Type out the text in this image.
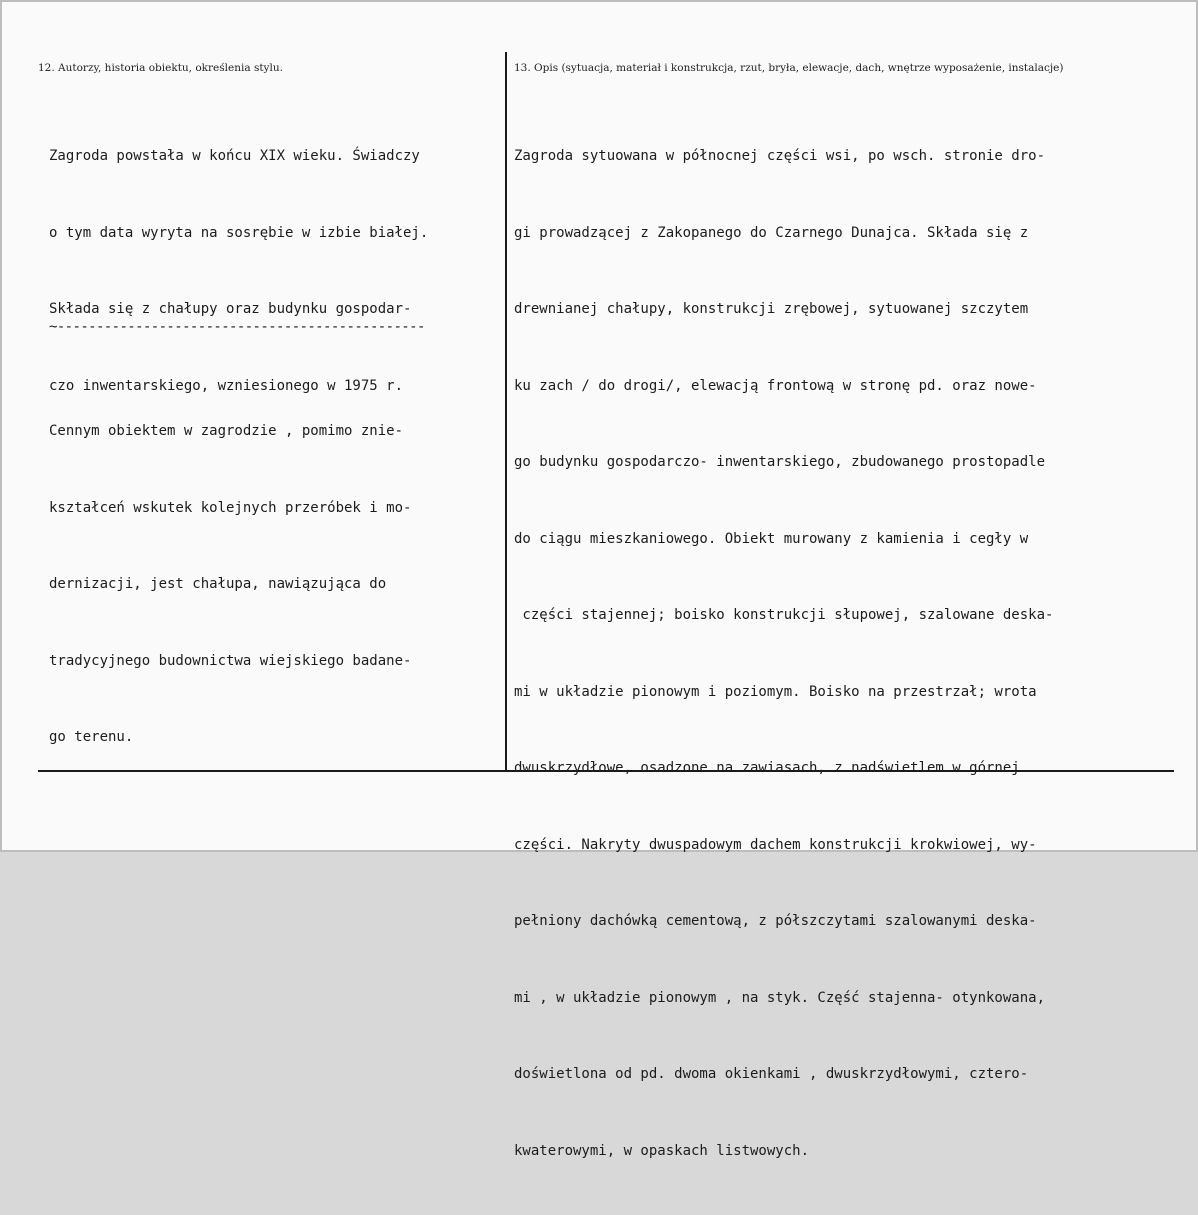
12. Autorzy, historia obiektu, określenia stylu.	13. Opis (sytuacja, materiał i konstrukcja, rzut, bryła, elewacje, dach, wnętrze wyposażenie, instalacje)

Zagroda powstała w końcu XIX wieku. Świadczy

o tym data wyryta na sosrębie w izbie białej.

Składa się z chałupy oraz budynku gospodar-

czo inwentarskiego, wzniesionego w 1975 r.

~-----------------------------------------------

Cennym obiektem w zagrodzie , pomimo znie-

kształceń wskutek kolejnych przeróbek i mo-

dernizacji, jest chałupa, nawiązująca do

tradycyjnego budownictwa wiejskiego badane-

go terenu.

Zagroda sytuowana w północnej części wsi, po wsch. stronie dro-

gi prowadzącej z Zakopanego do Czarnego Dunajca. Składa się z

drewnianej chałupy, konstrukcji zrębowej, sytuowanej szczytem

ku zach / do drogi/, elewacją frontową w stronę pd. oraz nowe-

go budynku gospodarczo- inwentarskiego, zbudowanego prostopadle

do ciągu mieszkaniowego. Obiekt murowany z kamienia i cegły w

części stajennej; boisko konstrukcji słupowej, szalowane deska-

mi w układzie pionowym i poziomym. Boisko na przestrzał; wrota

dwuskrzydłowe, osadzone na zawiasach, z nadświetlem w górnej

części. Nakryty dwuspadowym dachem konstrukcji krokwiowej, wy-

pełniony dachówką cementową, z półszczytami szalowanymi deska-

mi , w układzie pionowym , na styk. Część stajenna- otynkowana,

doświetlona od pd. dwoma okienkami , dwuskrzydłowymi, cztero-

kwaterowymi, w opaskach listwowych.
